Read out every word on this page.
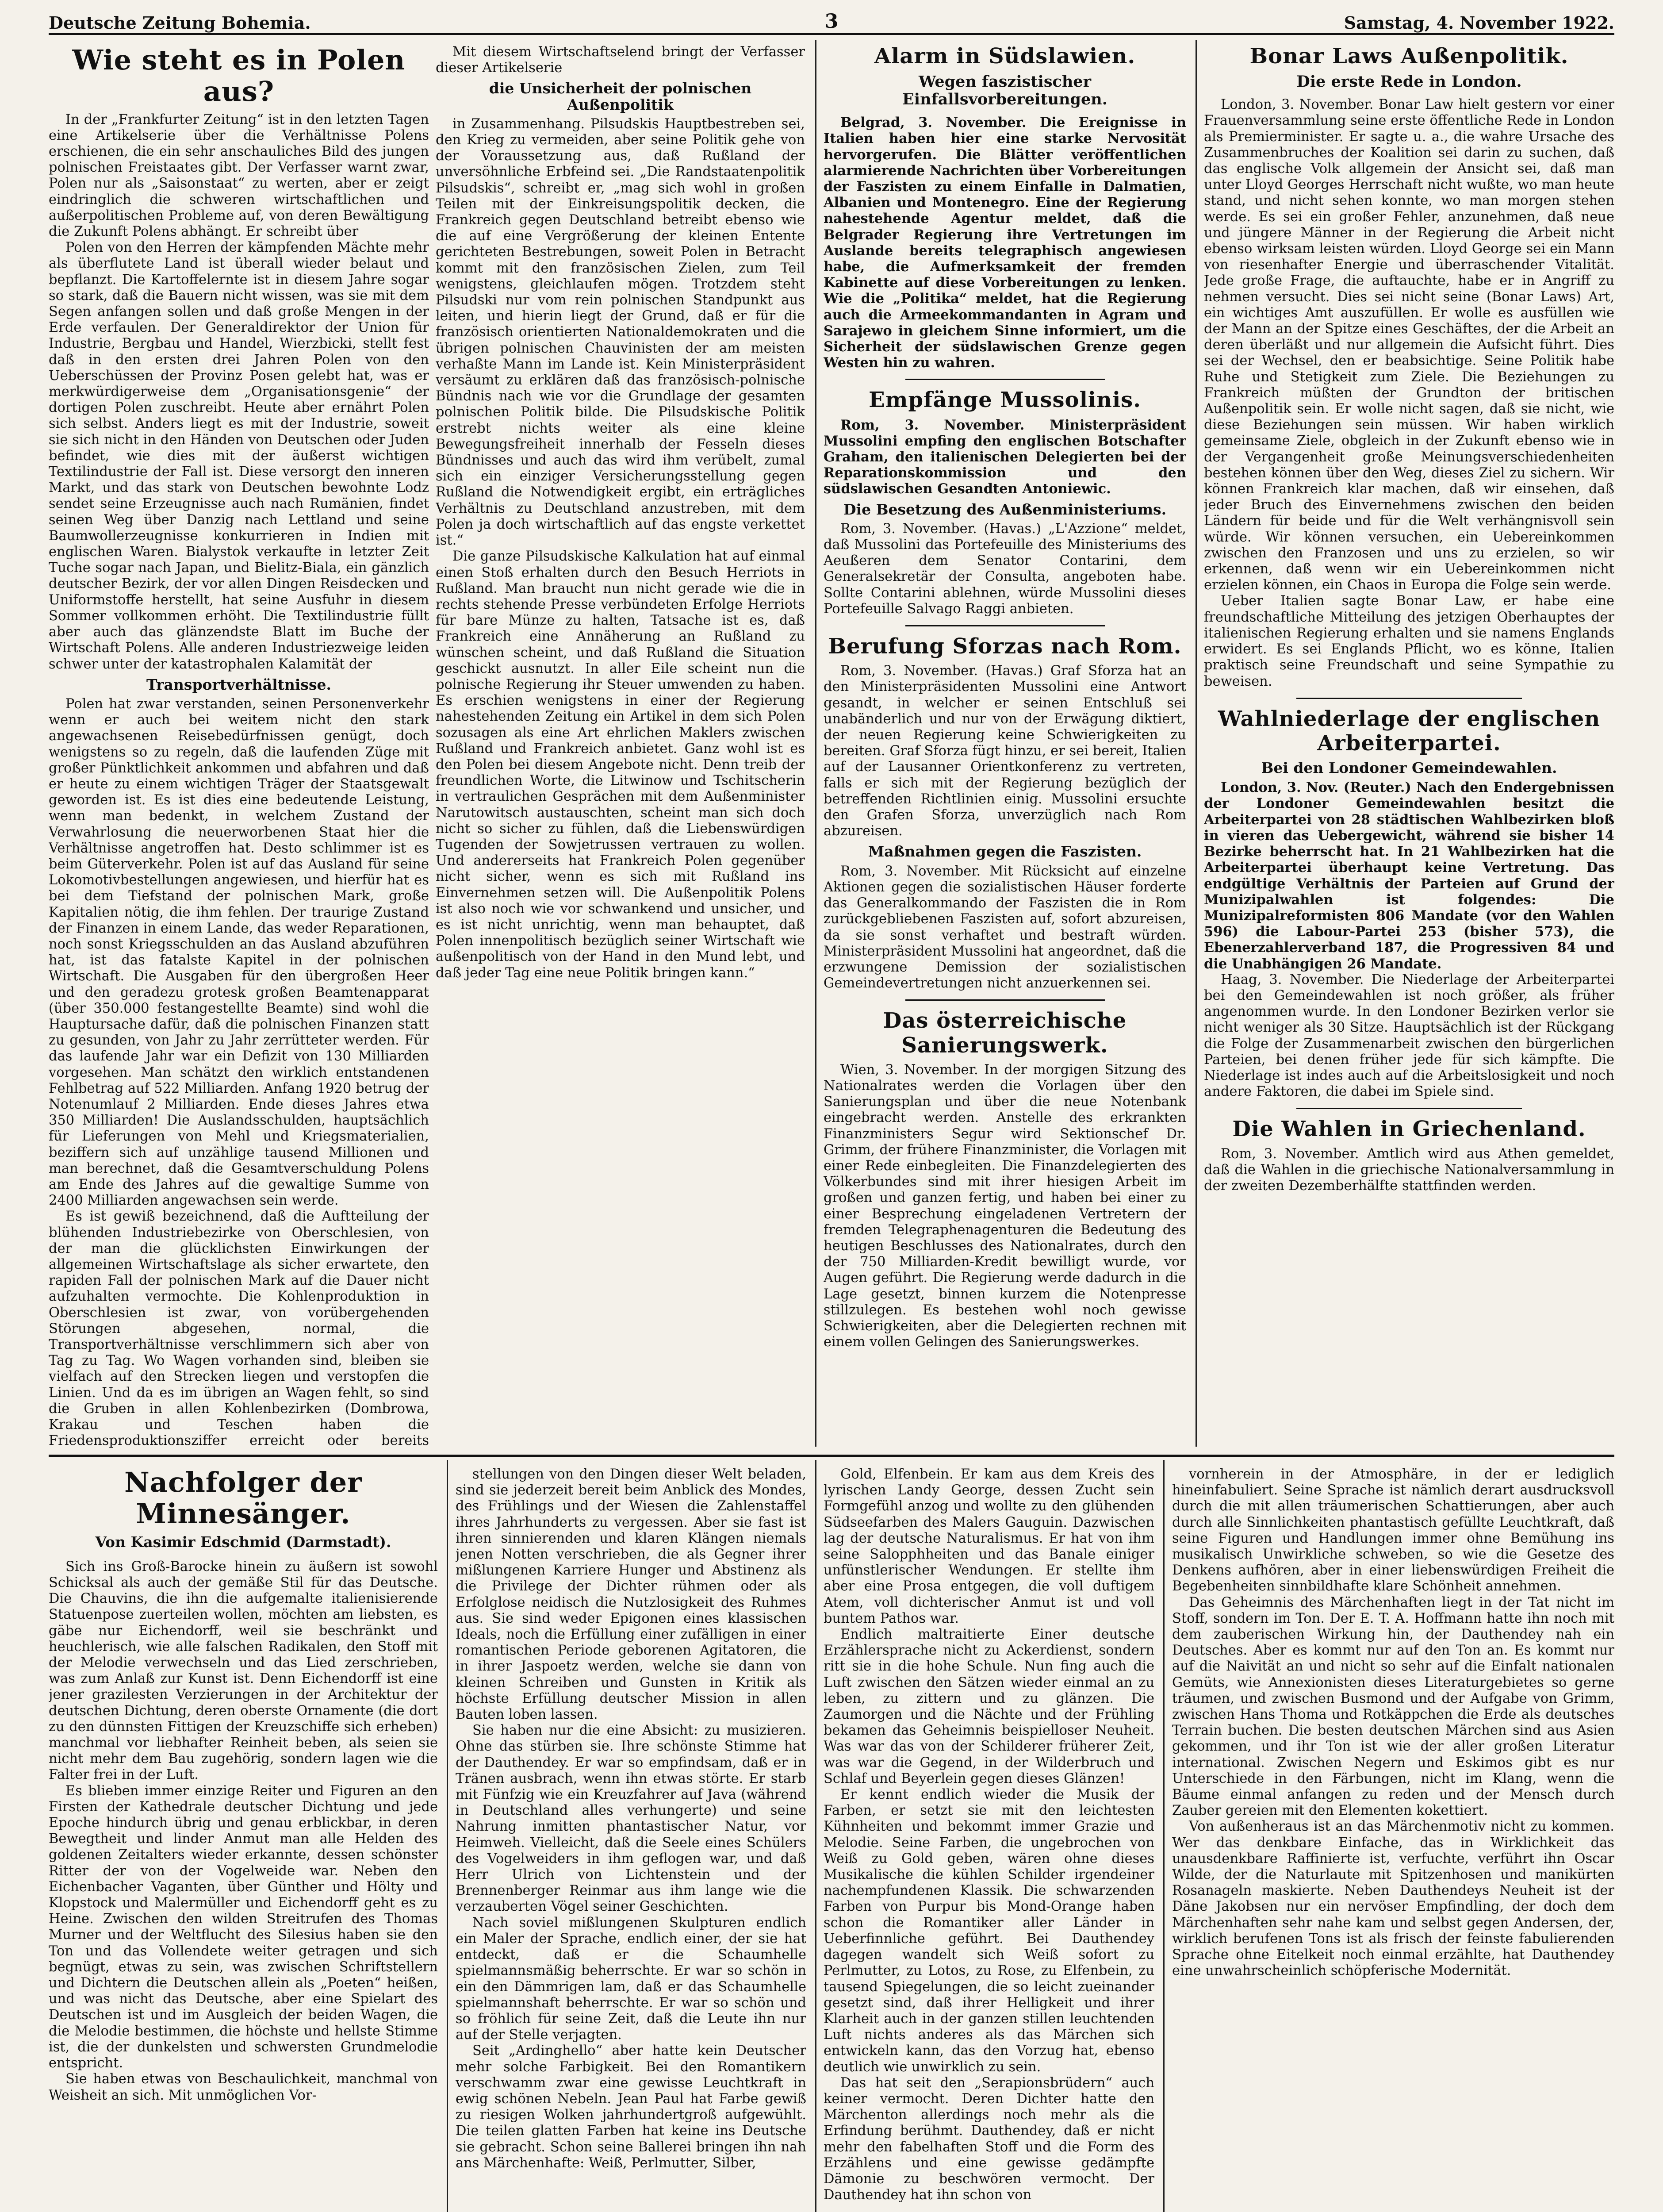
Deutsche Zeitung Bohemia.	3	Samstag, 4. November 1922.
Wie steht es in Polen aus?

In der „Frankfurter Zeitung“ ist in den letzten Tagen eine Artikelserie über die Verhältnisse Polens erschienen, die ein sehr anschauliches Bild des jungen polnischen Freistaates gibt. Der Verfasser warnt zwar, Polen nur als „Saisonstaat“ zu werten, aber er zeigt eindringlich die schweren wirtschaftlichen und außerpolitischen Probleme auf, von deren Bewältigung die Zukunft Polens abhängt. Er schreibt über

Polen von den Herren der kämpfenden Mächte mehr als überflutete Land ist überall wieder belaut und bepflanzt. Die Kartoffelernte ist in diesem Jahre sogar so stark, daß die Bauern nicht wissen, was sie mit dem Segen anfangen sollen und daß große Mengen in der Erde verfaulen. Der Generaldirektor der Union für Industrie, Bergbau und Handel, Wierzbicki, stellt fest daß in den ersten drei Jahren Polen von den Ueberschüssen der Provinz Posen gelebt hat, was er merkwürdigerweise dem „Organisationsgenie“ der dortigen Polen zuschreibt. Heute aber ernährt Polen sich selbst. Anders liegt es mit der Industrie, soweit sie sich nicht in den Händen von Deutschen oder Juden befindet, wie dies mit der äußerst wichtigen Textilindustrie der Fall ist. Diese versorgt den inneren Markt, und das stark von Deutschen bewohnte Lodz sendet seine Erzeugnisse auch nach Rumänien, findet seinen Weg über Danzig nach Lettland und seine Baumwollerzeugnisse konkurrieren in Indien mit englischen Waren. Bialystok verkaufte in letzter Zeit Tuche sogar nach Japan, und Bielitz-Biala, ein gänzlich deutscher Bezirk, der vor allen Dingen Reisdecken und Uniformstoffe herstellt, hat seine Ausfuhr in diesem Sommer vollkommen erhöht. Die Textilindustrie füllt aber auch das glänzendste Blatt im Buche der Wirtschaft Polens. Alle anderen Industriezweige leiden schwer unter der katastrophalen Kalamität der

Transportverhältnisse.

Polen hat zwar verstanden, seinen Personenverkehr wenn er auch bei weitem nicht den stark angewachsenen Reisebedürfnissen genügt, doch wenigstens so zu regeln, daß die laufenden Züge mit großer Pünktlichkeit ankommen und abfahren und daß er heute zu einem wichtigen Träger der Staatsgewalt geworden ist. Es ist dies eine bedeutende Leistung, wenn man bedenkt, in welchem Zustand der Verwahrlosung die neuerworbenen Staat hier die Verhältnisse angetroffen hat. Desto schlimmer ist es beim Güterverkehr. Polen ist auf das Ausland für seine Lokomotivbestellungen angewiesen, und hierfür hat es bei dem Tiefstand der polnischen Mark, große Kapitalien nötig, die ihm fehlen. Der traurige Zustand der Finanzen in einem Lande, das weder Reparationen, noch sonst Kriegsschulden an das Ausland abzuführen hat, ist das fatalste Kapitel in der polnischen Wirtschaft. Die Ausgaben für den übergroßen Heer und den geradezu grotesk großen Beamtenapparat (über 350.000 festangestellte Beamte) sind wohl die Hauptursache dafür, daß die polnischen Finanzen statt zu gesunden, von Jahr zu Jahr zerrütteter werden. Für das laufende Jahr war ein Defizit von 130 Milliarden vorgesehen. Man schätzt den wirklich entstandenen Fehlbetrag auf 522 Milliarden. Anfang 1920 betrug der Notenumlauf 2 Milliarden. Ende dieses Jahres etwa 350 Milliarden! Die Auslandsschulden, hauptsächlich für Lieferungen von Mehl und Kriegsmaterialien, beziffern sich auf unzählige tausend Millionen und man berechnet, daß die Gesamtverschuldung Polens am Ende des Jahres auf die gewaltige Summe von 2400 Milliarden angewachsen sein werde.

Es ist gewiß bezeichnend, daß die Auftteilung der blühenden Industriebezirke von Oberschlesien, von der man die glücklichsten Einwirkungen der allgemeinen Wirtschaftslage als sicher erwartete, den rapiden Fall der polnischen Mark auf die Dauer nicht aufzuhalten vermochte. Die Kohlenproduktion in Oberschlesien ist zwar, von vorübergehenden Störungen abgesehen, normal, die Transportverhältnisse verschlimmern sich aber von Tag zu Tag. Wo Wagen vorhanden sind, bleiben sie vielfach auf den Strecken liegen und verstopfen die Linien. Und da es im übrigen an Wagen fehlt, so sind die Gruben in allen Kohlenbezirken (Dombrowa, Krakau und Teschen haben die Friedensproduktionsziffer erreicht oder bereits

Mit diesem Wirtschaftselend bringt der Verfasser dieser Artikelserie

die Unsicherheit der polnischen Außenpolitik

in Zusammenhang. Pilsudskis Hauptbestreben sei, den Krieg zu vermeiden, aber seine Politik gehe von der Voraussetzung aus, daß Rußland der unversöhnliche Erbfeind sei. „Die Randstaatenpolitik Pilsudskis“, schreibt er, „mag sich wohl in großen Teilen mit der Einkreisungspolitik decken, die Frankreich gegen Deutschland betreibt ebenso wie die auf eine Vergrößerung der kleinen Entente gerichteten Bestrebungen, soweit Polen in Betracht kommt mit den französischen Zielen, zum Teil wenigstens, gleichlaufen mögen. Trotzdem steht Pilsudski nur vom rein polnischen Standpunkt aus leiten, und hierin liegt der Grund, daß er für die französisch orientierten Nationaldemokraten und die übrigen polnischen Chauvinisten der am meisten verhaßte Mann im Lande ist. Kein Ministerpräsident versäumt zu erklären daß das französisch-polnische Bündnis nach wie vor die Grundlage der gesamten polnischen Politik bilde. Die Pilsudskische Politik erstrebt nichts weiter als eine kleine Bewegungsfreiheit innerhalb der Fesseln dieses Bündnisses und auch das wird ihm verübelt, zumal sich ein einziger Versicherungsstellung gegen Rußland die Notwendigkeit ergibt, ein erträgliches Verhältnis zu Deutschland anzustreben, mit dem Polen ja doch wirtschaftlich auf das engste verkettet ist.“

Die ganze Pilsudskische Kalkulation hat auf einmal einen Stoß erhalten durch den Besuch Herriots in Rußland. Man braucht nun nicht gerade wie die in rechts stehende Presse verbündeten Erfolge Herriots für bare Münze zu halten, Tatsache ist es, daß Frankreich eine Annäherung an Rußland zu wünschen scheint, und daß Rußland die Situation geschickt ausnutzt. In aller Eile scheint nun die polnische Regierung ihr Steuer umwenden zu haben. Es erschien wenigstens in einer der Regierung nahestehenden Zeitung ein Artikel in dem sich Polen sozusagen als eine Art ehrlichen Maklers zwischen Rußland und Frankreich anbietet. Ganz wohl ist es den Polen bei diesem Angebote nicht. Denn treib der freundlichen Worte, die Litwinow und Tschitscherin in vertraulichen Gesprächen mit dem Außenminister Narutowitsch austauschten, scheint man sich doch nicht so sicher zu fühlen, daß die Liebenswürdigen Tugenden der Sowjetrussen vertrauen zu wollen. Und andererseits hat Frankreich Polen gegenüber nicht sicher, wenn es sich mit Rußland ins Einvernehmen setzen will. Die Außenpolitik Polens ist also noch wie vor schwankend und unsicher, und es ist nicht unrichtig, wenn man behauptet, daß Polen innenpolitisch bezüglich seiner Wirtschaft wie außenpolitisch von der Hand in den Mund lebt, und daß jeder Tag eine neue Politik bringen kann.“

Alarm in Südslawien.
Wegen faszistischer Einfallsvorbereitungen.

Belgrad, 3. November. Die Ereignisse in Italien haben hier eine starke Nervosität hervorgerufen. Die Blätter veröffentlichen alarmierende Nachrichten über Vorbereitungen der Faszisten zu einem Einfalle in Dalmatien, Albanien und Montenegro. Eine der Regierung nahestehende Agentur meldet, daß die Belgrader Regierung ihre Vertretungen im Auslande bereits telegraphisch angewiesen habe, die Aufmerksamkeit der fremden Kabinette auf diese Vorbereitungen zu lenken. Wie die „Politika“ meldet, hat die Regierung auch die Armeekommandanten in Agram und Sarajewo in gleichem Sinne informiert, um die Sicherheit der südslawischen Grenze gegen Westen hin zu wahren.

Empfänge Mussolinis.

Rom, 3. November. Ministerpräsident Mussolini empfing den englischen Botschafter Graham, den italienischen Delegierten bei der Reparationskommission und den südslawischen Gesandten Antoniewic.

Die Besetzung des Außenministeriums.

Rom, 3. November. (Havas.) „L'Azzione“ meldet, daß Mussolini das Portefeuille des Ministeriums des Aeußeren dem Senator Contarini, dem Generalsekretär der Consulta, angeboten habe. Sollte Contarini ablehnen, würde Mussolini dieses Portefeuille Salvago Raggi anbieten.

Berufung Sforzas nach Rom.

Rom, 3. November. (Havas.) Graf Sforza hat an den Ministerpräsidenten Mussolini eine Antwort gesandt, in welcher er seinen Entschluß sei unabänderlich und nur von der Erwägung diktiert, der neuen Regierung keine Schwierigkeiten zu bereiten. Graf Sforza fügt hinzu, er sei bereit, Italien auf der Lausanner Orientkonferenz zu vertreten, falls er sich mit der Regierung bezüglich der betreffenden Richtlinien einig. Mussolini ersuchte den Grafen Sforza, unverzüglich nach Rom abzureisen.

Maßnahmen gegen die Faszisten.

Rom, 3. November. Mit Rücksicht auf einzelne Aktionen gegen die sozialistischen Häuser forderte das Generalkommando der Faszisten die in Rom zurückgebliebenen Faszisten auf, sofort abzureisen, da sie sonst verhaftet und bestraft würden. Ministerpräsident Mussolini hat angeordnet, daß die erzwungene Demission der sozialistischen Gemeindevertretungen nicht anzuerkennen sei.

Das österreichische Sanierungswerk.

Wien, 3. November. In der morgigen Sitzung des Nationalrates werden die Vorlagen über den Sanierungsplan und über die neue Notenbank eingebracht werden. Anstelle des erkrankten Finanzministers Segur wird Sektionschef Dr. Grimm, der frühere Finanzminister, die Vorlagen mit einer Rede einbegleiten. Die Finanzdelegierten des Völkerbundes sind mit ihrer hiesigen Arbeit im großen und ganzen fertig, und haben bei einer zu einer Besprechung eingeladenen Vertretern der fremden Telegraphenagenturen die Bedeutung des heutigen Beschlusses des Nationalrates, durch den der 750 Milliarden-Kredit bewilligt wurde, vor Augen geführt. Die Regierung werde dadurch in die Lage gesetzt, binnen kurzem die Notenpresse stillzulegen. Es bestehen wohl noch gewisse Schwierigkeiten, aber die Delegierten rechnen mit einem vollen Gelingen des Sanierungswerkes.

Bonar Laws Außenpolitik.
Die erste Rede in London.

London, 3. November. Bonar Law hielt gestern vor einer Frauenversammlung seine erste öffentliche Rede in London als Premierminister. Er sagte u. a., die wahre Ursache des Zusammenbruches der Koalition sei darin zu suchen, daß das englische Volk allgemein der Ansicht sei, daß man unter Lloyd Georges Herrschaft nicht wußte, wo man heute stand, und nicht sehen konnte, wo man morgen stehen werde. Es sei ein großer Fehler, anzunehmen, daß neue und jüngere Männer in der Regierung die Arbeit nicht ebenso wirksam leisten würden. Lloyd George sei ein Mann von riesenhafter Energie und überraschender Vitalität. Jede große Frage, die auftauchte, habe er in Angriff zu nehmen versucht. Dies sei nicht seine (Bonar Laws) Art, ein wichtiges Amt auszufüllen. Er wolle es ausfüllen wie der Mann an der Spitze eines Geschäftes, der die Arbeit an deren überläßt und nur allgemein die Aufsicht führt. Dies sei der Wechsel, den er beabsichtige. Seine Politik habe Ruhe und Stetigkeit zum Ziele. Die Beziehungen zu Frankreich müßten der Grundton der britischen Außenpolitik sein. Er wolle nicht sagen, daß sie nicht, wie diese Beziehungen sein müssen. Wir haben wirklich gemeinsame Ziele, obgleich in der Zukunft ebenso wie in der Vergangenheit große Meinungsverschiedenheiten bestehen können über den Weg, dieses Ziel zu sichern. Wir können Frankreich klar machen, daß wir einsehen, daß jeder Bruch des Einvernehmens zwischen den beiden Ländern für beide und für die Welt verhängnisvoll sein würde. Wir können versuchen, ein Uebereinkommen zwischen den Franzosen und uns zu erzielen, so wir erkennen, daß wenn wir ein Uebereinkommen nicht erzielen können, ein Chaos in Europa die Folge sein werde.

Ueber Italien sagte Bonar Law, er habe eine freundschaftliche Mitteilung des jetzigen Oberhauptes der italienischen Regierung erhalten und sie namens Englands erwidert. Es sei Englands Pflicht, wo es könne, Italien praktisch seine Freundschaft und seine Sympathie zu beweisen.

Wahlniederlage der englischen Arbeiterpartei.
Bei den Londoner Gemeindewahlen.

London, 3. Nov. (Reuter.) Nach den Endergebnissen der Londoner Gemeindewahlen besitzt die Arbeiterpartei von 28 städtischen Wahlbezirken bloß in vieren das Uebergewicht, während sie bisher 14 Bezirke beherrscht hat. In 21 Wahlbezirken hat die Arbeiterpartei überhaupt keine Vertretung. Das endgültige Verhältnis der Parteien auf Grund der Munizipalwahlen ist folgendes: Die Munizipalreformisten 806 Mandate (vor den Wahlen 596) die Labour-Partei 253 (bisher 573), die Ebenerzahlerverband 187, die Progressiven 84 und die Unabhängigen 26 Mandate.

Haag, 3. November. Die Niederlage der Arbeiterpartei bei den Gemeindewahlen ist noch größer, als früher angenommen wurde. In den Londoner Bezirken verlor sie nicht weniger als 30 Sitze. Hauptsächlich ist der Rückgang die Folge der Zusammenarbeit zwischen den bürgerlichen Parteien, bei denen früher jede für sich kämpfte. Die Niederlage ist indes auch auf die Arbeitslosigkeit und noch andere Faktoren, die dabei im Spiele sind.

Die Wahlen in Griechenland.

Rom, 3. November. Amtlich wird aus Athen gemeldet, daß die Wahlen in die griechische Nationalversammlung in der zweiten Dezemberhälfte stattfinden werden.

Nachfolger der Minnesänger.
Von Kasimir Edschmid (Darmstadt).

Sich ins Groß-Barocke hinein zu äußern ist sowohl Schicksal als auch der gemäße Stil für das Deutsche. Die Chauvins, die ihn die aufgemalte italienisierende Statuenpose zuerteilen wollen, möchten am liebsten, es gäbe nur Eichendorff, weil sie beschränkt und heuchlerisch, wie alle falschen Radikalen, den Stoff mit der Melodie verwechseln und das Lied zerschrieben, was zum Anlaß zur Kunst ist. Denn Eichendorff ist eine jener grazilesten Verzierungen in der Architektur der deutschen Dichtung, deren oberste Ornamente (die dort zu den dünnsten Fittigen der Kreuzschiffe sich erheben) manchmal vor liebhafter Reinheit beben, als seien sie nicht mehr dem Bau zugehörig, sondern lagen wie die Falter frei in der Luft.

Es blieben immer einzige Reiter und Figuren an den Firsten der Kathedrale deutscher Dichtung und jede Epoche hindurch übrig und genau erblickbar, in deren Bewegtheit und linder Anmut man alle Helden des goldenen Zeitalters wieder erkannte, dessen schönster Ritter der von der Vogelweide war. Neben den Eichenbacher Vaganten, über Günther und Hölty und Klopstock und Malermüller und Eichendorff geht es zu Heine. Zwischen den wilden Streitrufen des Thomas Murner und der Weltflucht des Silesius haben sie den Ton und das Vollendete weiter getragen und sich begnügt, etwas zu sein, was zwischen Schriftstellern und Dichtern die Deutschen allein als „Poeten“ heißen, und was nicht das Deutsche, aber eine Spielart des Deutschen ist und im Ausgleich der beiden Wagen, die die Melodie bestimmen, die höchste und hellste Stimme ist, die der dunkelsten und schwersten Grundmelodie entspricht.

Sie haben etwas von Beschaulichkeit, manchmal von Weisheit an sich. Mit unmöglichen Vor-

stellungen von den Dingen dieser Welt beladen, sind sie jederzeit bereit beim Anblick des Mondes, des Frühlings und der Wiesen die Zahlenstaffel ihres Jahrhunderts zu vergessen. Aber sie fast ist ihren sinnierenden und klaren Klängen niemals jenen Notten verschrieben, die als Gegner ihrer mißlungenen Karriere Hunger und Abstinenz als die Privilege der Dichter rühmen oder als Erfolglose neidisch die Nutzlosigkeit des Ruhmes aus. Sie sind weder Epigonen eines klassischen Ideals, noch die Erfüllung einer zufälligen in einer romantischen Periode geborenen Agitatoren, die in ihrer Jaspoetz werden, welche sie dann von kleinen Schreiben und Gunsten in Kritik als höchste Erfüllung deutscher Mission in allen Bauten loben lassen.

Sie haben nur die eine Absicht: zu musizieren. Ohne das stürben sie. Ihre schönste Stimme hat der Dauthendey. Er war so empfindsam, daß er in Tränen ausbrach, wenn ihn etwas störte. Er starb mit Fünfzig wie ein Kreuzfahrer auf Java (während in Deutschland alles verhungerte) und seine Nahrung inmitten phantastischer Natur, vor Heimweh. Vielleicht, daß die Seele eines Schülers des Vogelweiders in ihm geflogen war, und daß Herr Ulrich von Lichtenstein und der Brennenberger Reinmar aus ihm lange wie die verzauberten Vögel seiner Geschichten.

Nach soviel mißlungenen Skulpturen endlich ein Maler der Sprache, endlich einer, der sie hat entdeckt, daß er die Schaumhelle spielmannsmäßig beherrschte. Er war so schön in ein den Dämmrigen lam, daß er das Schaumhelle spielmannshaft beherrschte. Er war so schön und so fröhlich für seine Zeit, daß die Leute ihn nur auf der Stelle verjagten.

Seit „Ardinghello“ aber hatte kein Deutscher mehr solche Farbigkeit. Bei den Romantikern verschwamm zwar eine gewisse Leuchtkraft in ewig schönen Nebeln. Jean Paul hat Farbe gewiß zu riesigen Wolken jahrhundertgroß aufgewühlt. Die teilen glatten Farben hat keine ins Deutsche sie gebracht. Schon seine Ballerei bringen ihn nah ans Märchenhafte: Weiß, Perlmutter, Silber,

Gold, Elfenbein. Er kam aus dem Kreis des lyrischen Landy George, dessen Zucht sein Formgefühl anzog und wollte zu den glühenden Südseefarben des Malers Gauguin. Dazwischen lag der deutsche Naturalismus. Er hat von ihm seine Salopphheiten und das Banale einiger unfünstlerischer Wendungen. Er stellte ihm aber eine Prosa entgegen, die voll duftigem Atem, voll dichterischer Anmut ist und voll buntem Pathos war.

Endlich maltraitierte Einer deutsche Erzählersprache nicht zu Ackerdienst, sondern ritt sie in die hohe Schule. Nun fing auch die Luft zwischen den Sätzen wieder einmal an zu leben, zu zittern und zu glänzen. Die Zaumorgen und die Nächte und der Frühling bekamen das Geheimnis beispielloser Neuheit. Was war das von der Schilderer früherer Zeit, was war die Gegend, in der Wilderbruch und Schlaf und Beyerlein gegen dieses Glänzen!

Er kennt endlich wieder die Musik der Farben, er setzt sie mit den leichtesten Kühnheiten und bekommt immer Grazie und Melodie. Seine Farben, die ungebrochen von Weiß zu Gold geben, wären ohne dieses Musikalische die kühlen Schilder irgendeiner nachempfundenen Klassik. Die schwarzenden Farben von Purpur bis Mond-Orange haben schon die Romantiker aller Länder in Ueberfinnliche geführt. Bei Dauthendey dagegen wandelt sich Weiß sofort zu Perlmutter, zu Lotos, zu Rose, zu Elfenbein, zu tausend Spiegelungen, die so leicht zueinander gesetzt sind, daß ihrer Helligkeit und ihrer Klarheit auch in der ganzen stillen leuchtenden Luft nichts anderes als das Märchen sich entwickeln kann, das den Vorzug hat, ebenso deutlich wie unwirklich zu sein.

Das hat seit den „Serapionsbrüdern“ auch keiner vermocht. Deren Dichter hatte den Märchenton allerdings noch mehr als die Erfindung berühmt. Dauthendey, daß er nicht mehr den fabelhaften Stoff und die Form des Erzählens und eine gewisse gedämpfte Dämonie zu beschwören vermocht. Der Dauthendey hat ihn schon von

vornherein in der Atmosphäre, in der er lediglich hineinfabuliert. Seine Sprache ist nämlich derart ausdrucksvoll durch die mit allen träumerischen Schattierungen, aber auch durch alle Sinnlichkeiten phantastisch gefüllte Leuchtkraft, daß seine Figuren und Handlungen immer ohne Bemühung ins musikalisch Unwirkliche schweben, so wie die Gesetze des Denkens aufhören, aber in einer liebenswürdigen Freiheit die Begebenheiten sinnbildhafte klare Schönheit annehmen.

Das Geheimnis des Märchenhaften liegt in der Tat nicht im Stoff, sondern im Ton. Der E. T. A. Hoffmann hatte ihn noch mit dem zauberischen Wirkung hin, der Dauthendey nah ein Deutsches. Aber es kommt nur auf den Ton an. Es kommt nur auf die Naivität an und nicht so sehr auf die Einfalt nationalen Gemüts, wie Annexionisten dieses Literaturgebietes so gerne träumen, und zwischen Busmond und der Aufgabe von Grimm, zwischen Hans Thoma und Rotkäppchen die Erde als deutsches Terrain buchen. Die besten deutschen Märchen sind aus Asien gekommen, und ihr Ton ist wie der aller großen Literatur international. Zwischen Negern und Eskimos gibt es nur Unterschiede in den Färbungen, nicht im Klang, wenn die Bäume einmal anfangen zu reden und der Mensch durch Zauber gereien mit den Elementen kokettiert.

Von außenheraus ist an das Märchenmotiv nicht zu kommen. Wer das denkbare Einfache, das in Wirklichkeit das unausdenkbare Raffinierte ist, verfuchte, verführt ihn Oscar Wilde, der die Naturlaute mit Spitzenhosen und manikürten Rosanageln maskierte. Neben Dauthendeys Neuheit ist der Däne Jakobsen nur ein nervöser Empfindling, der doch dem Märchenhaften sehr nahe kam und selbst gegen Andersen, der, wirklich berufenen Tons ist als frisch der feinste fabulierenden Sprache ohne Eitelkeit noch einmal erzählte, hat Dauthendey eine unwahrscheinlich schöpferische Modernität.
